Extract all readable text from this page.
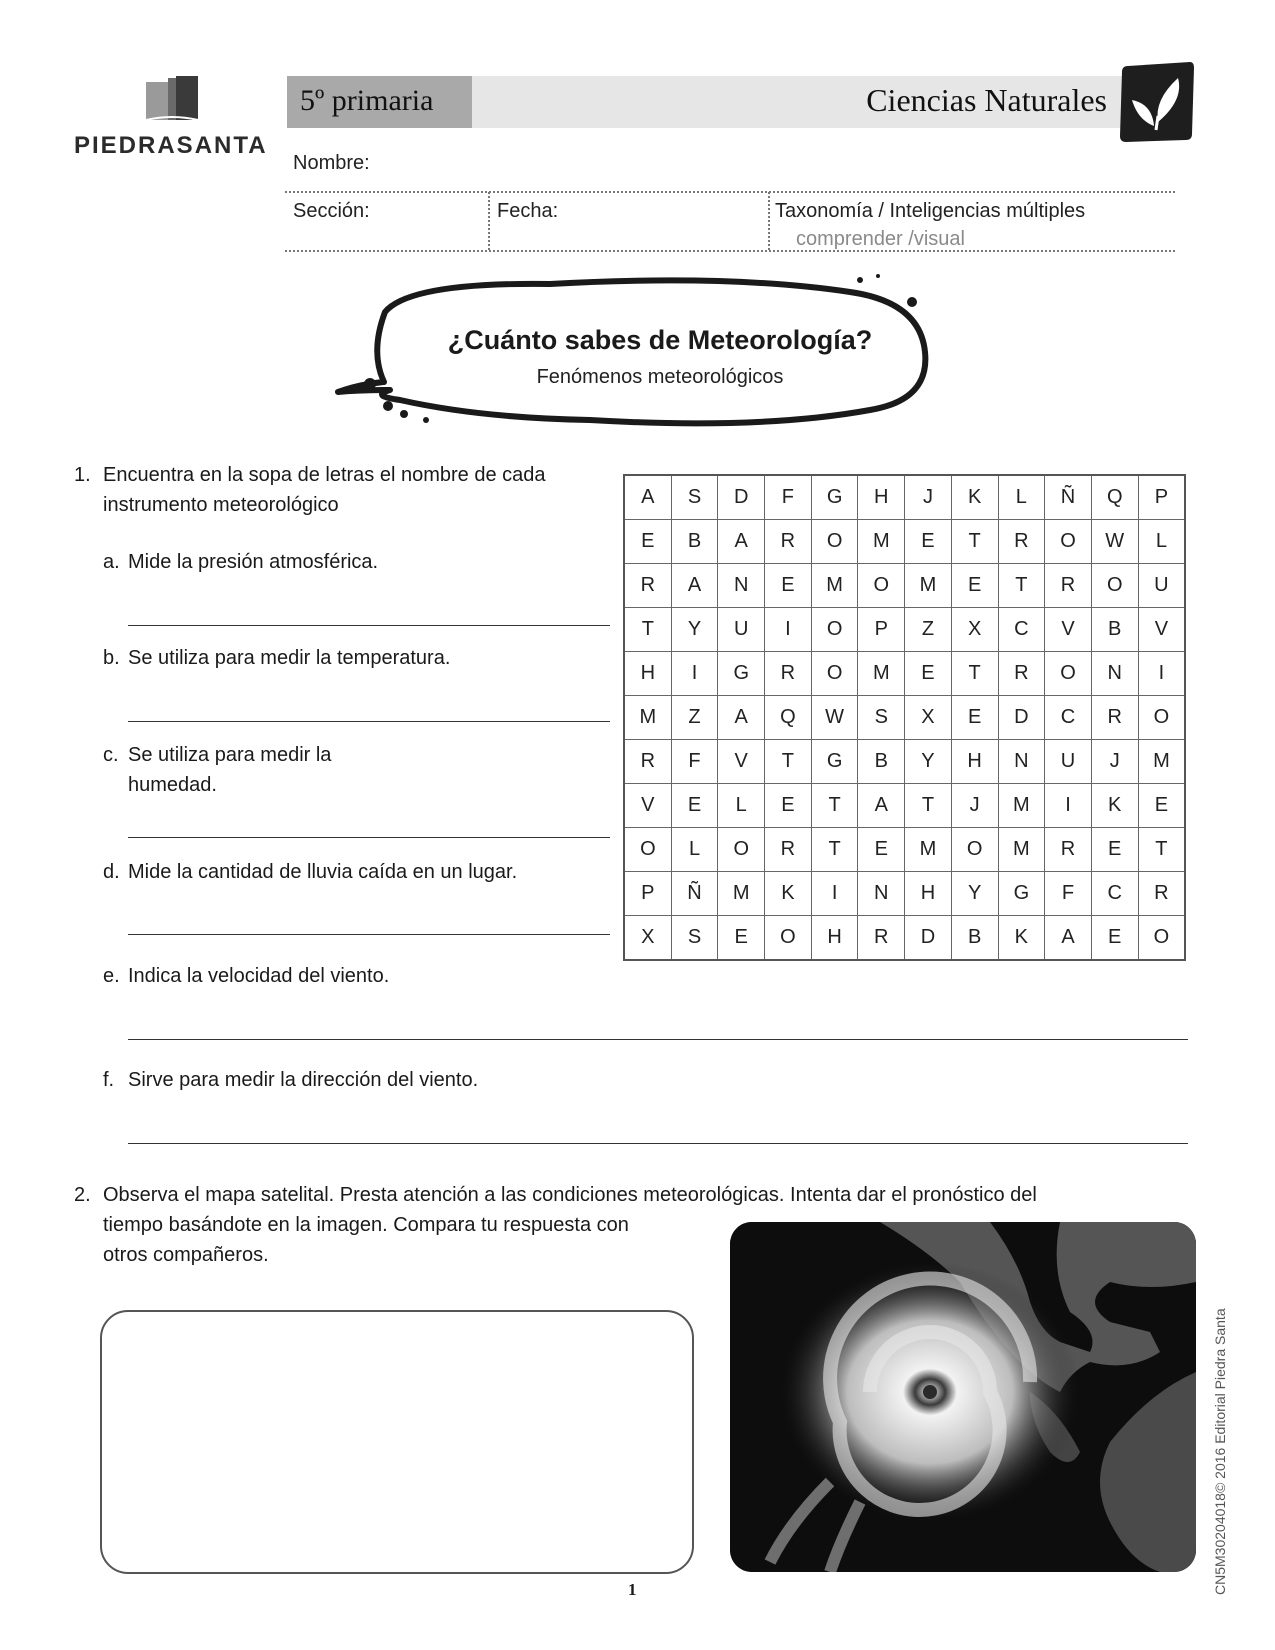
PIEDRASANTA
5º primaria	Ciencias Naturales
Nombre:
Sección:	Fecha:	Taxonomía / Inteligencias múltiples
comprender /visual
¿Cuánto sabes de Meteorología?
Fenómenos meteorológicos
1. Encuentra en la sopa de letras el nombre de cada
instrumento meteorológico
a. Mide la presión atmosférica.
b. Se utiliza para medir la temperatura.
c. Se utiliza para medir la
humedad.
d. Mide la cantidad de lluvia caída en un lugar.
e. Indica la velocidad del viento.
f. Sirve para medir la dirección del viento.
A	S	D	F	G	H	J	K	L	Ñ	Q	P
E	B	A	R	O	M	E	T	R	O	W	L
R	A	N	E	M	O	M	E	T	R	O	U
T	Y	U	I	O	P	Z	X	C	V	B	V
H	I	G	R	O	M	E	T	R	O	N	I
M	Z	A	Q	W	S	X	E	D	C	R	O
R	F	V	T	G	B	Y	H	N	U	J	M
V	E	L	E	T	A	T	J	M	I	K	E
O	L	O	R	T	E	M	O	M	R	E	T
P	Ñ	M	K	I	N	H	Y	G	F	C	R
X	S	E	O	H	R	D	B	K	A	E	O
2. Observa el mapa satelital. Presta atención a las condiciones meteorológicas. Intenta dar el pronóstico del
tiempo basándote en la imagen. Compara tu respuesta con
otros compañeros.
1	CN5M30204018© 2016 Editorial Piedra Santa
